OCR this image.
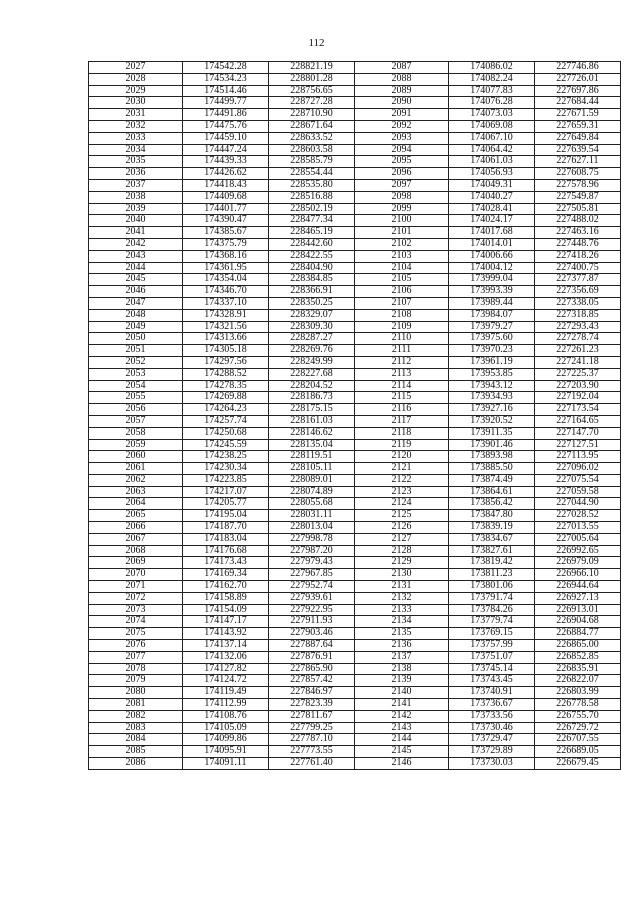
112
2027	174542.28	228821.19	2087	174086.02	227746.86
2028	174534.23	228801.28	2088	174082.24	227726.01
2029	174514.46	228756.65	2089	174077.83	227697.86
2030	174499.77	228727.28	2090	174076.28	227684.44
2031	174491.86	228710.90	2091	174073.03	227671.59
2032	174475.76	228671.64	2092	174069.08	227659.31
2033	174459.10	228633.52	2093	174067.10	227649.84
2034	174447.24	228603.58	2094	174064.42	227639.54
2035	174439.33	228585.79	2095	174061.03	227627.11
2036	174426.62	228554.44	2096	174056.93	227608.75
2037	174418.43	228535.80	2097	174049.31	227578.96
2038	174409.68	228516.88	2098	174040.27	227549.87
2039	174401.77	228502.19	2099	174028.41	227505.81
2040	174390.47	228477.34	2100	174024.17	227488.02
2041	174385.67	228465.19	2101	174017.68	227463.16
2042	174375.79	228442.60	2102	174014.01	227448.76
2043	174368.16	228422.55	2103	174006.66	227418.26
2044	174361.95	228404.90	2104	174004.12	227400.75
2045	174354.04	228384.85	2105	173999.04	227377.87
2046	174346.70	228366.91	2106	173993.39	227356.69
2047	174337.10	228350.25	2107	173989.44	227338.05
2048	174328.91	228329.07	2108	173984.07	227318.85
2049	174321.56	228309.30	2109	173979.27	227293.43
2050	174313.66	228287.27	2110	173975.60	227278.74
2051	174305.18	228269.76	2111	173970.23	227261.23
2052	174297.56	228249.99	2112	173961.19	227241.18
2053	174288.52	228227.68	2113	173953.85	227225.37
2054	174278.35	228204.52	2114	173943.12	227203.90
2055	174269.88	228186.73	2115	173934.93	227192.04
2056	174264.23	228175.15	2116	173927.16	227173.54
2057	174257.74	228161.03	2117	173920.52	227164.65
2058	174250.68	228146.62	2118	173911.35	227147.70
2059	174245.59	228135.04	2119	173901.46	227127.51
2060	174238.25	228119.51	2120	173893.98	227113.95
2061	174230.34	228105.11	2121	173885.50	227096.02
2062	174223.85	228089.01	2122	173874.49	227075.54
2063	174217.07	228074.89	2123	173864.61	227059.58
2064	174205.77	228055.68	2124	173856.42	227044.90
2065	174195.04	228031.11	2125	173847.80	227028.52
2066	174187.70	228013.04	2126	173839.19	227013.55
2067	174183.04	227998.78	2127	173834.67	227005.64
2068	174176.68	227987.20	2128	173827.61	226992.65
2069	174173.43	227979.43	2129	173819.42	226979.09
2070	174169.34	227967.85	2130	173811.23	226966.10
2071	174162.70	227952.74	2131	173801.06	226944.64
2072	174158.89	227939.61	2132	173791.74	226927.13
2073	174154.09	227922.95	2133	173784.26	226913.01
2074	174147.17	227911.93	2134	173779.74	226904.68
2075	174143.92	227903.46	2135	173769.15	226884.77
2076	174137.14	227887.64	2136	173757.99	226865.00
2077	174132.06	227876.91	2137	173751.07	226852.85
2078	174127.82	227865.90	2138	173745.14	226835.91
2079	174124.72	227857.42	2139	173743.45	226822.07
2080	174119.49	227846.97	2140	173740.91	226803.99
2081	174112.99	227823.39	2141	173736.67	226778.58
2082	174108.76	227811.67	2142	173733.56	226755.70
2083	174105.09	227799.25	2143	173730.46	226729.72
2084	174099.86	227787.10	2144	173729.47	226707.55
2085	174095.91	227773.55	2145	173729.89	226689.05
2086	174091.11	227761.40	2146	173730.03	226679.45
